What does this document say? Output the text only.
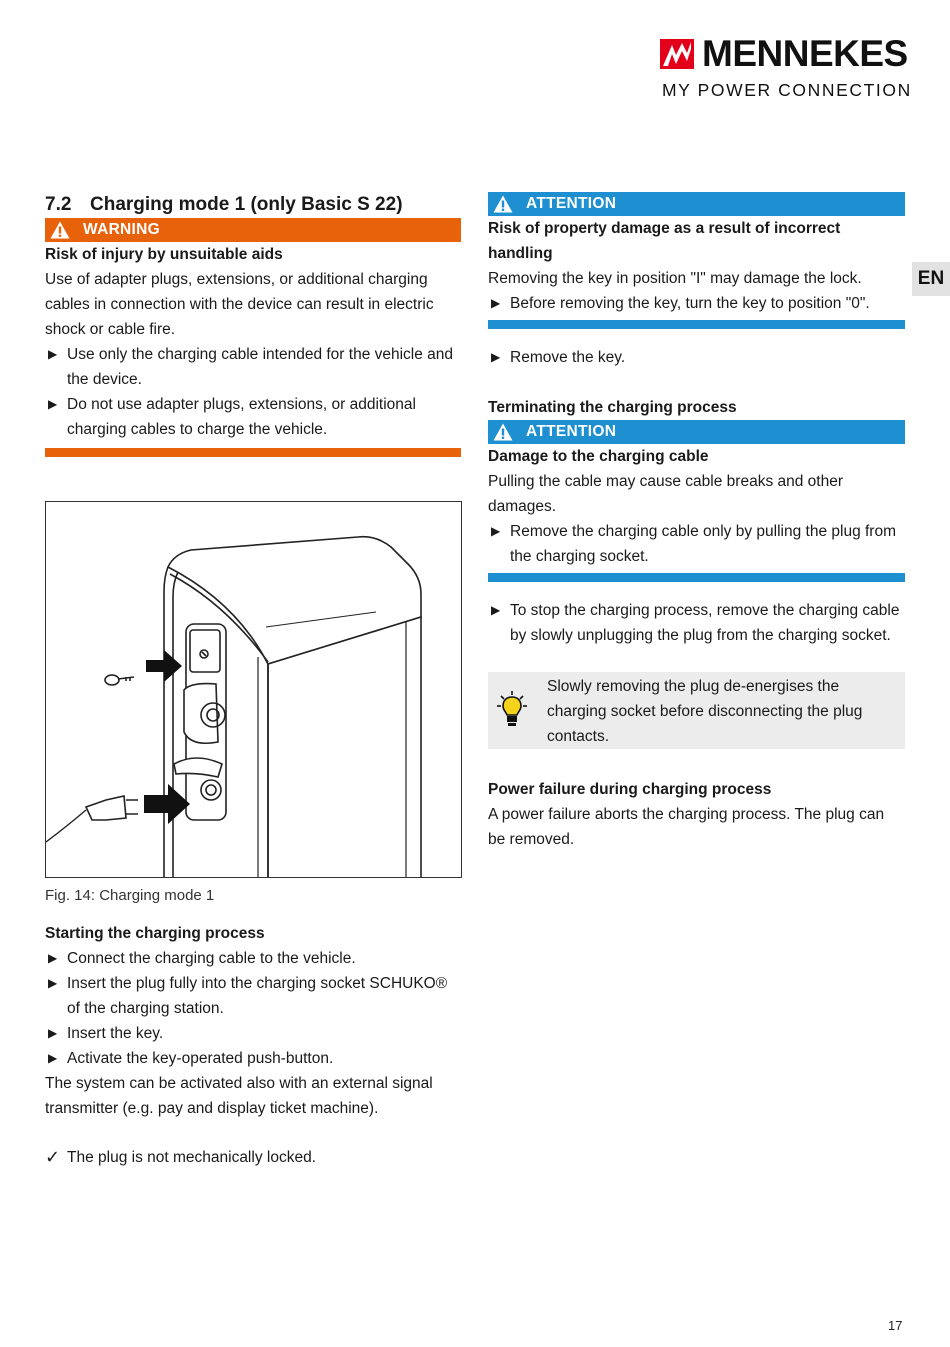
MENNEKES
MY POWER CONNECTION
EN
7.2 Charging mode 1 (only Basic S 22)
WARNING
Risk of injury by unsuitable aids
Use of adapter plugs, extensions, or additional charging cables in connection with the device can result in electric shock or cable fire.
▶ Use only the charging cable intended for the vehicle and the device.
▶ Do not use adapter plugs, extensions, or additional charging cables to charge the vehicle.
Fig. 14: Charging mode 1
Starting the charging process
▶ Connect the charging cable to the vehicle.
▶ Insert the plug fully into the charging socket SCHUKO® of the charging station.
▶ Insert the key.
▶ Activate the key-operated push-button.
The system can be activated also with an external signal transmitter (e.g. pay and display ticket machine).
✓ The plug is not mechanically locked.
ATTENTION
Risk of property damage as a result of incorrect handling
Removing the key in position "I" may damage the lock.
▶ Before removing the key, turn the key to position "0".
▶ Remove the key.
Terminating the charging process
ATTENTION
Damage to the charging cable
Pulling the cable may cause cable breaks and other damages.
▶ Remove the charging cable only by pulling the plug from the charging socket.
▶ To stop the charging process, remove the charging cable by slowly unplugging the plug from the charging socket.
Slowly removing the plug de-energises the charging socket before disconnecting the plug contacts.
Power failure during charging process
A power failure aborts the charging process. The plug can be removed.
17
